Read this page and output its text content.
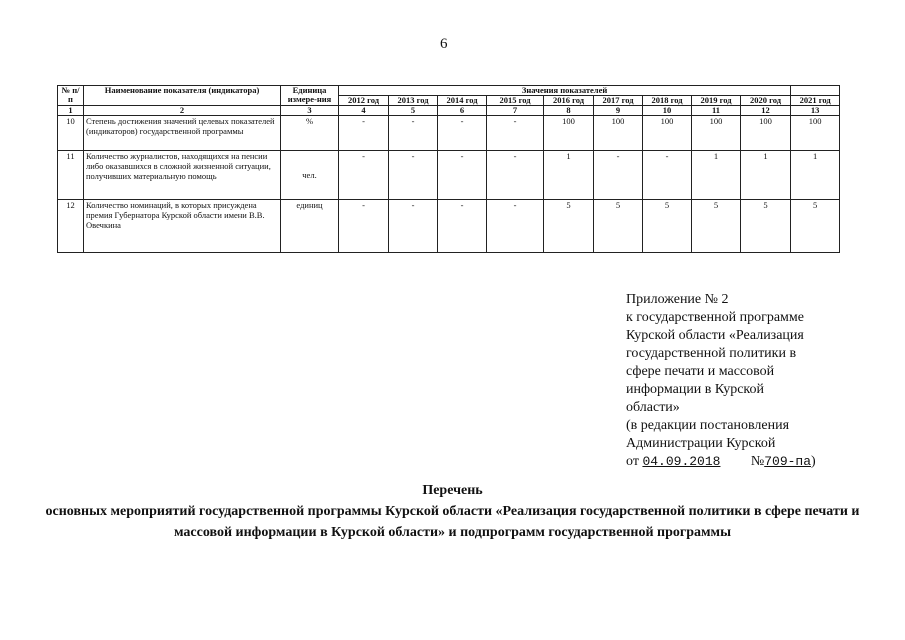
6
№ п/п	Наименование показателя (индикатора)	Единица измере-ния	Значения показателей									
			2012 год	2013 год	2014 год	2015 год	2016 год	2017 год	2018 год	2019 год	2020 год	2021 год
1	2	3	4	5	6	7	8	9	10	11	12	13
10	Степень достижения значений целевых показателей (индикаторов) государственной программы	%	-	-	-	-	100	100	100	100	100	100
11	Количество журналистов, находящихся на пенсии либо оказавшихся в сложной жизненной ситуации, получивших материальную помощь	чел.	-	-	-	-	1	-	-	1	1	1
12	Количество номинаций, в которых присуждена премия Губернатора Курской области имени В.В. Овечкина	единиц	-	-	-	-	5	5	5	5	5	5
Приложение № 2
к государственной программе
Курской области «Реализация
государственной политики в
сфере печати и массовой
информации в Курской
области»
(в редакции постановления
Администрации Курской
от 04.09.2018 №709-па)
Перечень
основных мероприятий государственной программы Курской области «Реализация государственной политики в сфере печати и массовой информации в Курской области» и подпрограмм государственной программы
